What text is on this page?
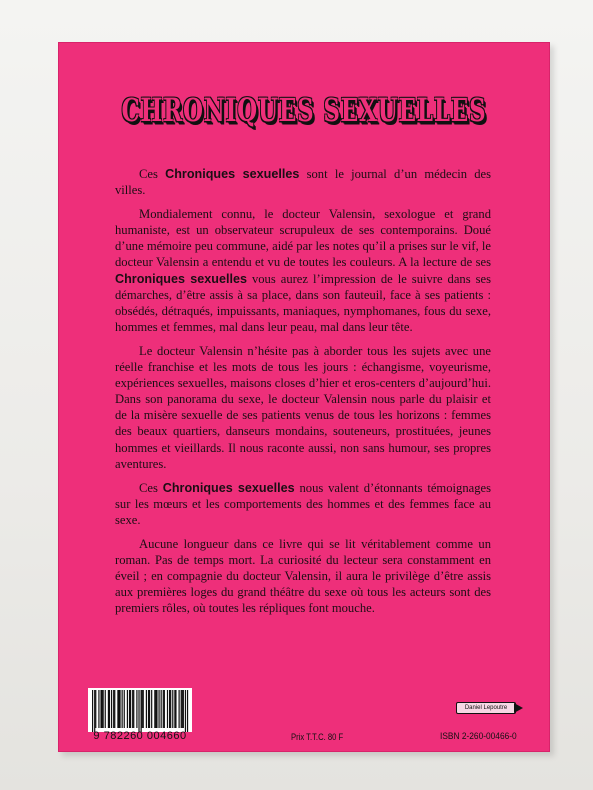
CHRONIQUES SEXUELLES

Ces Chroniques sexuelles sont le journal d’un médecin des villes.

Mondialement connu, le docteur Valensin, sexologue et grand humaniste, est un observateur scrupuleux de ses contemporains. Doué d’une mémoire peu commune, aidé par les notes qu’il a prises sur le vif, le docteur Valensin a entendu et vu de toutes les couleurs. A la lecture de ses Chroniques sexuelles vous aurez l’impression de le suivre dans ses démarches, d’être assis à sa place, dans son fauteuil, face à ses patients : obsédés, détraqués, impuissants, maniaques, nymphomanes, fous du sexe, hommes et femmes, mal dans leur peau, mal dans leur tête.

Le docteur Valensin n’hésite pas à aborder tous les sujets avec une réelle franchise et les mots de tous les jours : échangisme, voyeurisme, expériences sexuelles, maisons closes d’hier et eros-centers d’aujourd’hui. Dans son panorama du sexe, le docteur Valensin nous parle du plaisir et de la misère sexuelle de ses patients venus de tous les horizons : femmes des beaux quartiers, danseurs mondains, souteneurs, prostituées, jeunes hommes et vieillards. Il nous raconte aussi, non sans humour, ses propres aventures.

Ces Chroniques sexuelles nous valent d’étonnants témoignages sur les mœurs et les comportements des hommes et des femmes face au sexe.

Aucune longueur dans ce livre qui se lit véritablement comme un roman. Pas de temps mort. La curiosité du lecteur sera constamment en éveil ; en compagnie du docteur Valensin, il aura le privilège d’être assis aux premières loges du grand théâtre du sexe où tous les acteurs sont des premiers rôles, où toutes les répliques font mouche.

9 782260 004660	Prix T.T.C. 80 F
Daniel Lepoutre
ISBN 2-260-00466-0
